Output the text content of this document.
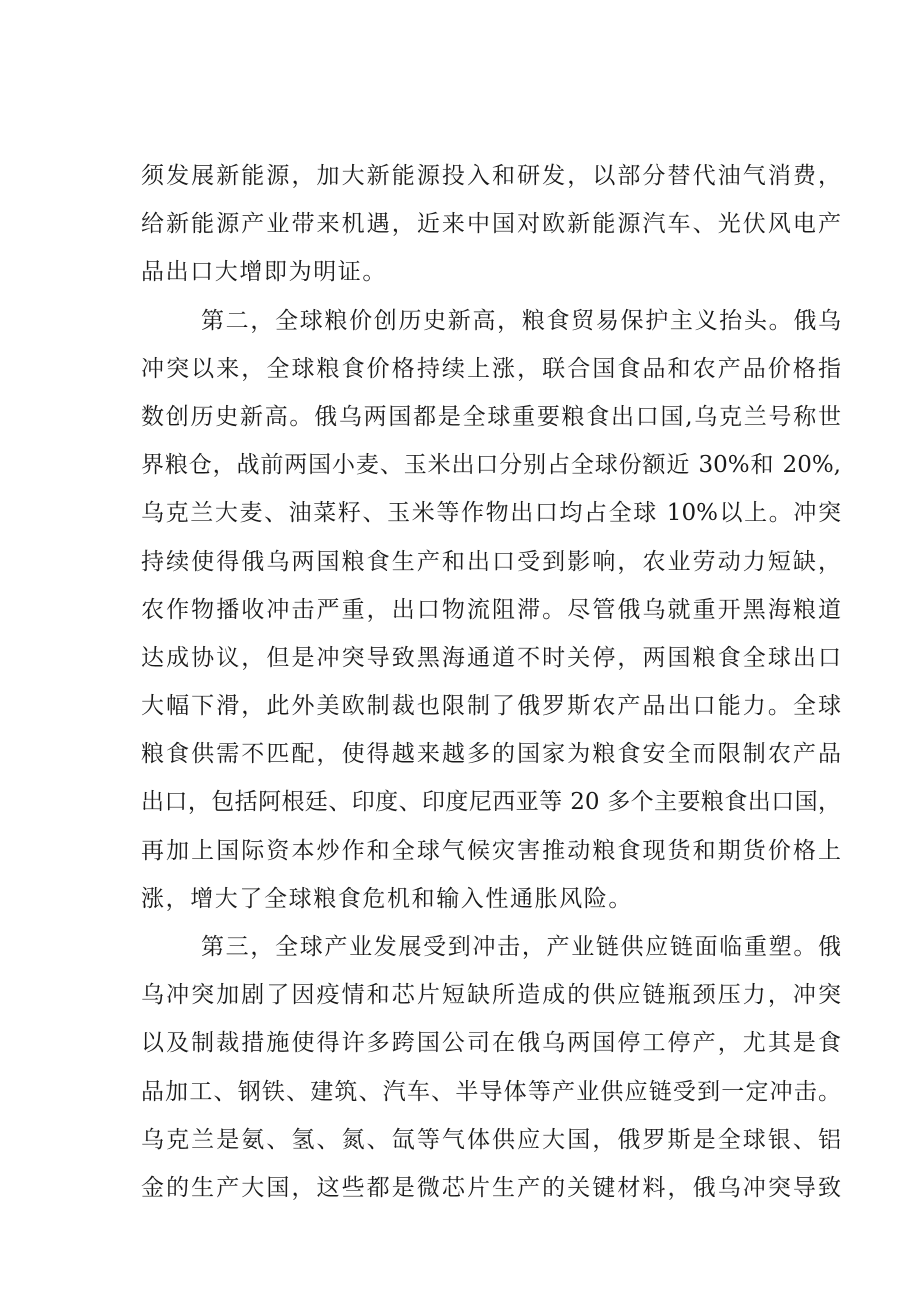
须发展新能源，加大新能源投入和研发，以部分替代油气消费，
给新能源产业带来机遇，近来中国对欧新能源汽车、光伏风电产
品出口大增即为明证。
第二，全球粮价创历史新高，粮食贸易保护主义抬头。俄乌
冲突以来，全球粮食价格持续上涨，联合国食品和农产品价格指
数创历史新高。俄乌两国都是全球重要粮食出口国,乌克兰号称世
界粮仓，战前两国小麦、玉米出口分别占全球份额近 30%和 20%,
乌克兰大麦、油菜籽、玉米等作物出口均占全球 10%以上。冲突
持续使得俄乌两国粮食生产和出口受到影响，农业劳动力短缺，
农作物播收冲击严重，出口物流阻滞。尽管俄乌就重开黑海粮道
达成协议，但是冲突导致黑海通道不时关停，两国粮食全球出口
大幅下滑，此外美欧制裁也限制了俄罗斯农产品出口能力。全球
粮食供需不匹配，使得越来越多的国家为粮食安全而限制农产品
出口，包括阿根廷、印度、印度尼西亚等 20 多个主要粮食出口国，
再加上国际资本炒作和全球气候灾害推动粮食现货和期货价格上
涨，增大了全球粮食危机和输入性通胀风险。
第三，全球产业发展受到冲击，产业链供应链面临重塑。俄
乌冲突加剧了因疫情和芯片短缺所造成的供应链瓶颈压力，冲突
以及制裁措施使得许多跨国公司在俄乌两国停工停产，尤其是食
品加工、钢铁、建筑、汽车、半导体等产业供应链受到一定冲击。
乌克兰是氨、氢、氮、氙等气体供应大国，俄罗斯是全球银、铝
金的生产大国，这些都是微芯片生产的关键材料，俄乌冲突导致
